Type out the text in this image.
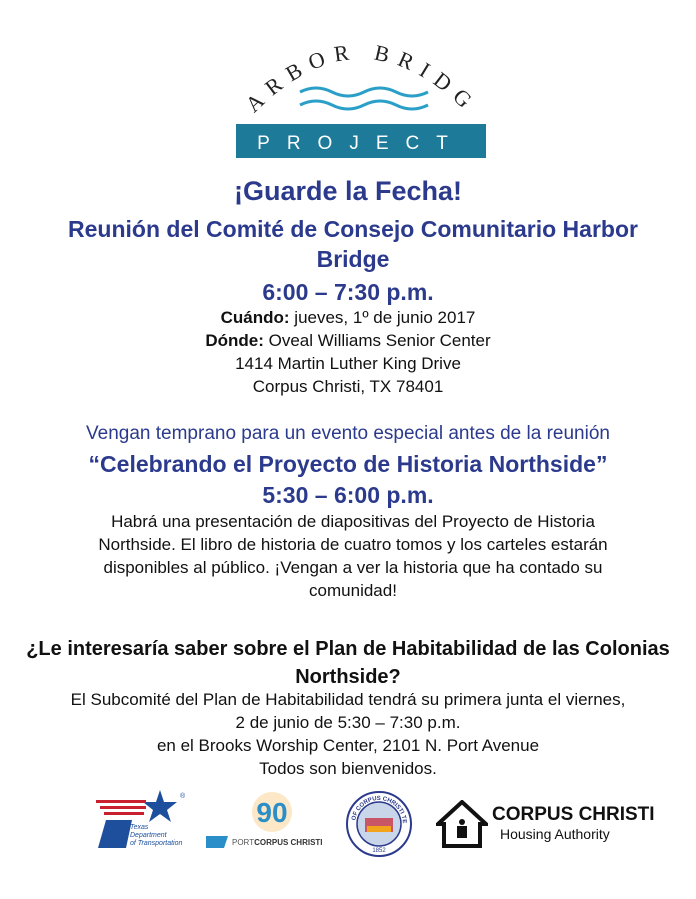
ARBOR BRIDG
PROJECT
¡Guarde la Fecha!
Reunión del Comité de Consejo Comunitario Harbor Bridge
6:00 – 7:30 p.m.
Cuándo: jueves, 1º de junio 2017
Dónde: Oveal Williams Senior Center
1414 Martin Luther King Drive
Corpus Christi, TX 78401
Vengan temprano para un evento especial antes de la reunión
“Celebrando el Proyecto de Historia Northside”
5:30 – 6:00 p.m.
Habrá una presentación de diapositivas del Proyecto de Historia Northside. El libro de historia de cuatro tomos y los carteles estarán disponibles al público. ¡Vengan a ver la historia que ha contado su comunidad!
¿Le interesaría saber sobre el Plan de Habitabilidad de las Colonias Northside?
El Subcomité del Plan de Habitabilidad tendrá su primera junta el viernes,
2 de junio de 5:30 – 7:30 p.m.
en el Brooks Worship Center, 2101 N. Port Avenue
Todos son bienvenidos.
®
Texas
Department
of Transportation
90
PORTCORPUS CHRISTI
OF CORPUS CHRISTI TE
1852
CORPUS CHRISTI
Housing Authority
